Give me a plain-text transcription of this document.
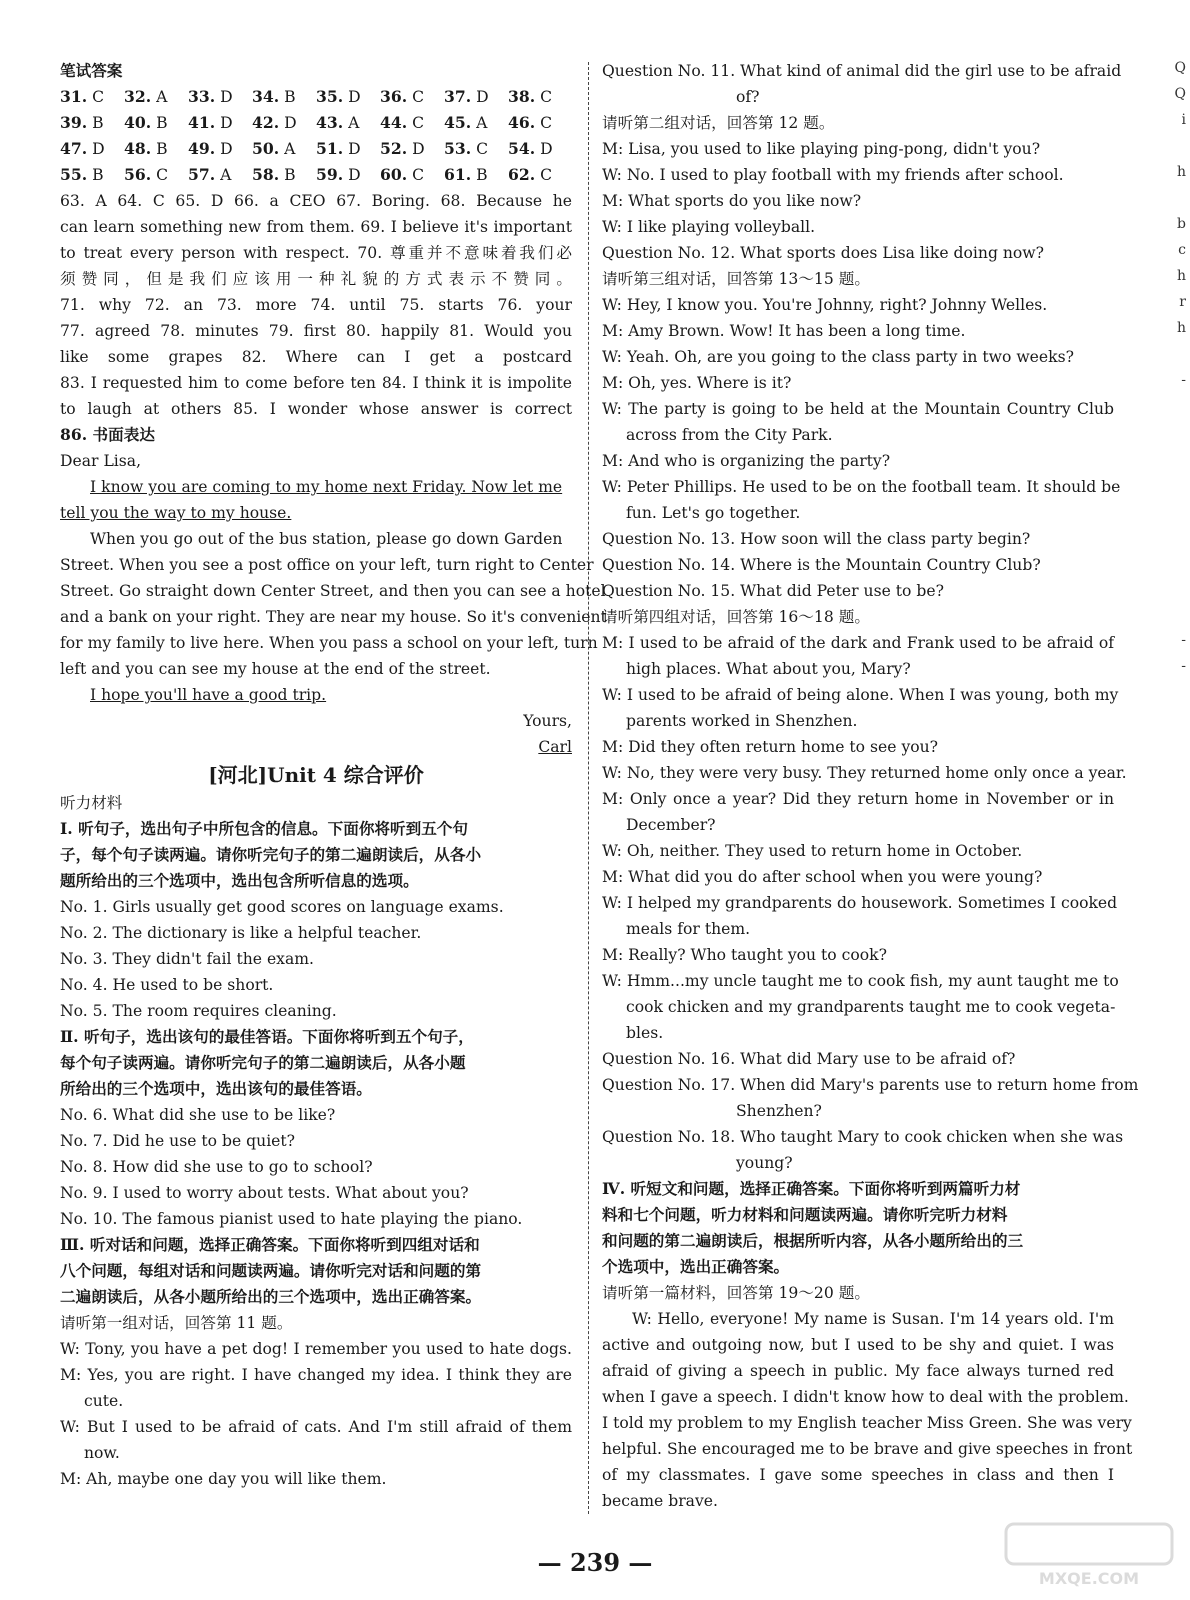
Q
Q
i
h
b
c
h
r
h
-
-
-

笔试答案

31. C	32. A	33. D	34. B	35. D	36. C	37. D	38. C

39. B	40. B	41. D	42. D	43. A	44. C	45. A	46. C

47. D	48. B	49. D	50. A	51. D	52. D	53. C	54. D

55. B	56. C	57. A	58. B	59. D	60. C	61. B	62. C

63. A 64. C 65. D 66. a CEO 67. Boring. 68. Because he

can learn something new from them. 69. I believe it's important

to treat every person with respect. 70. 尊重并不意味着我们必

须赞同，但是我们应该用一种礼貌的方式表示不赞同。

71. why 72. an 73. more 74. until 75. starts 76. your

77. agreed 78. minutes 79. first 80. happily 81. Would you

like some grapes 82. Where can I get a postcard

83. I requested him to come before ten 84. I think it is impolite

to laugh at others 85. I wonder whose answer is correct

86. 书面表达

Dear Lisa,

I know you are coming to my home next Friday. Now let me

tell you the way to my house.

When you go out of the bus station, please go down Garden

Street. When you see a post office on your left, turn right to Center

Street. Go straight down Center Street, and then you can see a hotel

and a bank on your right. They are near my house. So it's convenient

for my family to live here. When you pass a school on your left, turn

left and you can see my house at the end of the street.

I hope you'll have a good trip.

Yours,

Carl

[河北]Unit 4 综合评价

听力材料

Ⅰ. 听句子，选出句子中所包含的信息。下面你将听到五个句

子，每个句子读两遍。请你听完句子的第二遍朗读后，从各小

题所给出的三个选项中，选出包含所听信息的选项。

No. 1. Girls usually get good scores on language exams.

No. 2. The dictionary is like a helpful teacher.

No. 3. They didn't fail the exam.

No. 4. He used to be short.

No. 5. The room requires cleaning.

Ⅱ. 听句子，选出该句的最佳答语。下面你将听到五个句子，

每个句子读两遍。请你听完句子的第二遍朗读后，从各小题

所给出的三个选项中，选出该句的最佳答语。

No. 6. What did she use to be like?

No. 7. Did he use to be quiet?

No. 8. How did she use to go to school?

No. 9. I used to worry about tests. What about you?

No. 10. The famous pianist used to hate playing the piano.

Ⅲ. 听对话和问题，选择正确答案。下面你将听到四组对话和

八个问题，每组对话和问题读两遍。请你听完对话和问题的第

二遍朗读后，从各小题所给出的三个选项中，选出正确答案。

请听第一组对话，回答第 11 题。

W: Tony, you have a pet dog! I remember you used to hate dogs.

M: Yes, you are right. I have changed my idea. I think they are

cute.

W: But I used to be afraid of cats. And I'm still afraid of them

now.

M: Ah, maybe one day you will like them.

Question No. 11. What kind of animal did the girl use to be afraid

of?

请听第二组对话，回答第 12 题。

M: Lisa, you used to like playing ping-pong, didn't you?

W: No. I used to play football with my friends after school.

M: What sports do you like now?

W: I like playing volleyball.

Question No. 12. What sports does Lisa like doing now?

请听第三组对话，回答第 13～15 题。

W: Hey, I know you. You're Johnny, right? Johnny Welles.

M: Amy Brown. Wow! It has been a long time.

W: Yeah. Oh, are you going to the class party in two weeks?

M: Oh, yes. Where is it?

W: The party is going to be held at the Mountain Country Club

across from the City Park.

M: And who is organizing the party?

W: Peter Phillips. He used to be on the football team. It should be

fun. Let's go together.

Question No. 13. How soon will the class party begin?

Question No. 14. Where is the Mountain Country Club?

Question No. 15. What did Peter use to be?

请听第四组对话，回答第 16～18 题。

M: I used to be afraid of the dark and Frank used to be afraid of

high places. What about you, Mary?

W: I used to be afraid of being alone. When I was young, both my

parents worked in Shenzhen.

M: Did they often return home to see you?

W: No, they were very busy. They returned home only once a year.

M: Only once a year? Did they return home in November or in

December?

W: Oh, neither. They used to return home in October.

M: What did you do after school when you were young?

W: I helped my grandparents do housework. Sometimes I cooked

meals for them.

M: Really? Who taught you to cook?

W: Hmm...my uncle taught me to cook fish, my aunt taught me to

cook chicken and my grandparents taught me to cook vegeta-

bles.

Question No. 16. What did Mary use to be afraid of?

Question No. 17. When did Mary's parents use to return home from

Shenzhen?

Question No. 18. Who taught Mary to cook chicken when she was

young?

Ⅳ. 听短文和问题，选择正确答案。下面你将听到两篇听力材

料和七个问题，听力材料和问题读两遍。请你听完听力材料

和问题的第二遍朗读后，根据所听内容，从各小题所给出的三

个选项中，选出正确答案。

请听第一篇材料，回答第 19～20 题。

W: Hello, everyone! My name is Susan. I'm 14 years old. I'm

active and outgoing now, but I used to be shy and quiet. I was

afraid of giving a speech in public. My face always turned red

when I gave a speech. I didn't know how to deal with the problem.

I told my problem to my English teacher Miss Green. She was very

helpful. She encouraged me to be brave and give speeches in front

of my classmates. I gave some speeches in class and then I

became brave.

— 239 —
MXQE.COM
